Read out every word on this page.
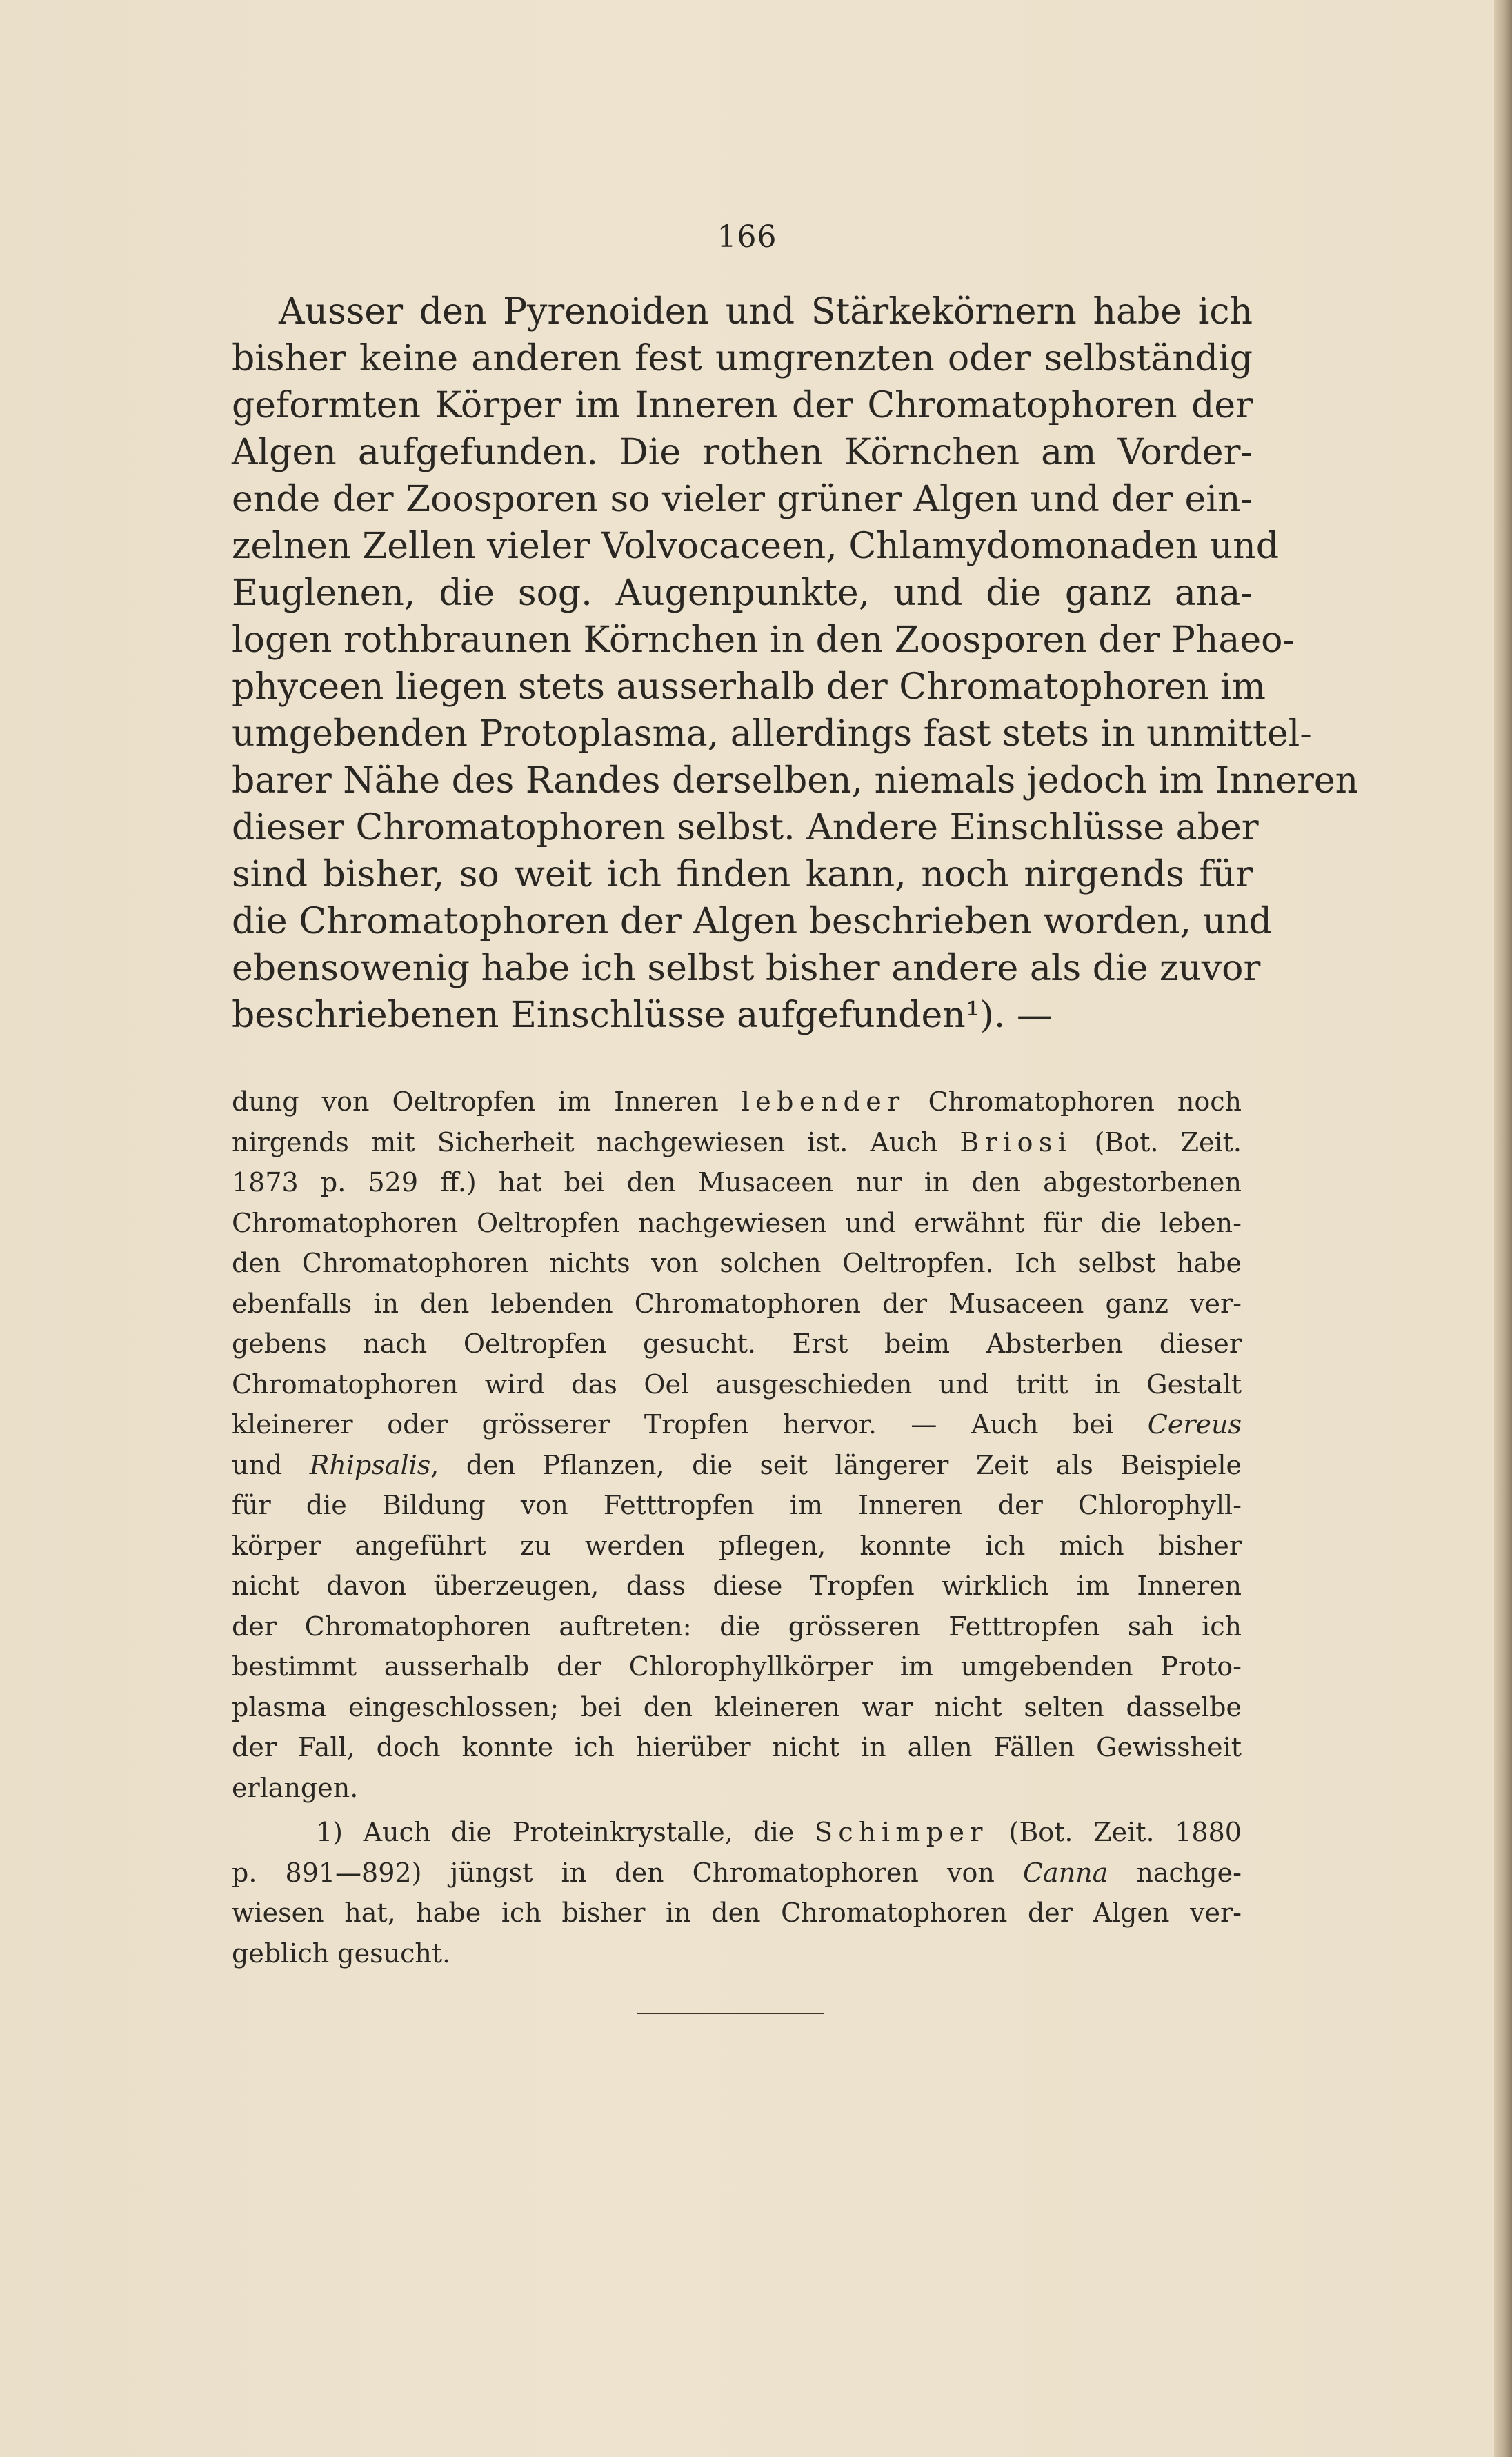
166
Ausser den Pyrenoiden und Stärkekörnern habe ich
bisher keine anderen fest umgrenzten oder selbständig
geformten Körper im Inneren der Chromatophoren der
Algen aufgefunden. Die rothen Körnchen am Vorder-
ende der Zoosporen so vieler grüner Algen und der ein-
zelnen Zellen vieler Volvocaceen, Chlamydomonaden und
Euglenen, die sog. Augenpunkte, und die ganz ana-
logen rothbraunen Körnchen in den Zoosporen der Phaeo-
phyceen liegen stets ausserhalb der Chromatophoren im
umgebenden Protoplasma, allerdings fast stets in unmittel-
barer Nähe des Randes derselben, niemals jedoch im Inneren
dieser Chromatophoren selbst. Andere Einschlüsse aber
sind bisher, so weit ich finden kann, noch nirgends für
die Chromatophoren der Algen beschrieben worden, und
ebensowenig habe ich selbst bisher andere als die zuvor
beschriebenen Einschlüsse aufgefunden¹). —
dung von Oeltropfen im Inneren lebender Chromatophoren noch
nirgends mit Sicherheit nachgewiesen ist. Auch Briosi (Bot. Zeit.
1873 p. 529 ff.) hat bei den Musaceen nur in den abgestorbenen
Chromatophoren Oeltropfen nachgewiesen und erwähnt für die leben-
den Chromatophoren nichts von solchen Oeltropfen. Ich selbst habe
ebenfalls in den lebenden Chromatophoren der Musaceen ganz ver-
gebens nach Oeltropfen gesucht. Erst beim Absterben dieser
Chromatophoren wird das Oel ausgeschieden und tritt in Gestalt
kleinerer oder grösserer Tropfen hervor. — Auch bei Cereus
und Rhipsalis, den Pflanzen, die seit längerer Zeit als Beispiele
für die Bildung von Fetttropfen im Inneren der Chlorophyll-
körper angeführt zu werden pflegen, konnte ich mich bisher
nicht davon überzeugen, dass diese Tropfen wirklich im Inneren
der Chromatophoren auftreten: die grösseren Fetttropfen sah ich
bestimmt ausserhalb der Chlorophyllkörper im umgebenden Proto-
plasma eingeschlossen; bei den kleineren war nicht selten dasselbe
der Fall, doch konnte ich hierüber nicht in allen Fällen Gewissheit
erlangen.
1) Auch die Proteinkrystalle, die Schimper (Bot. Zeit. 1880
p. 891—892) jüngst in den Chromatophoren von Canna nachge-
wiesen hat, habe ich bisher in den Chromatophoren der Algen ver-
geblich gesucht.
